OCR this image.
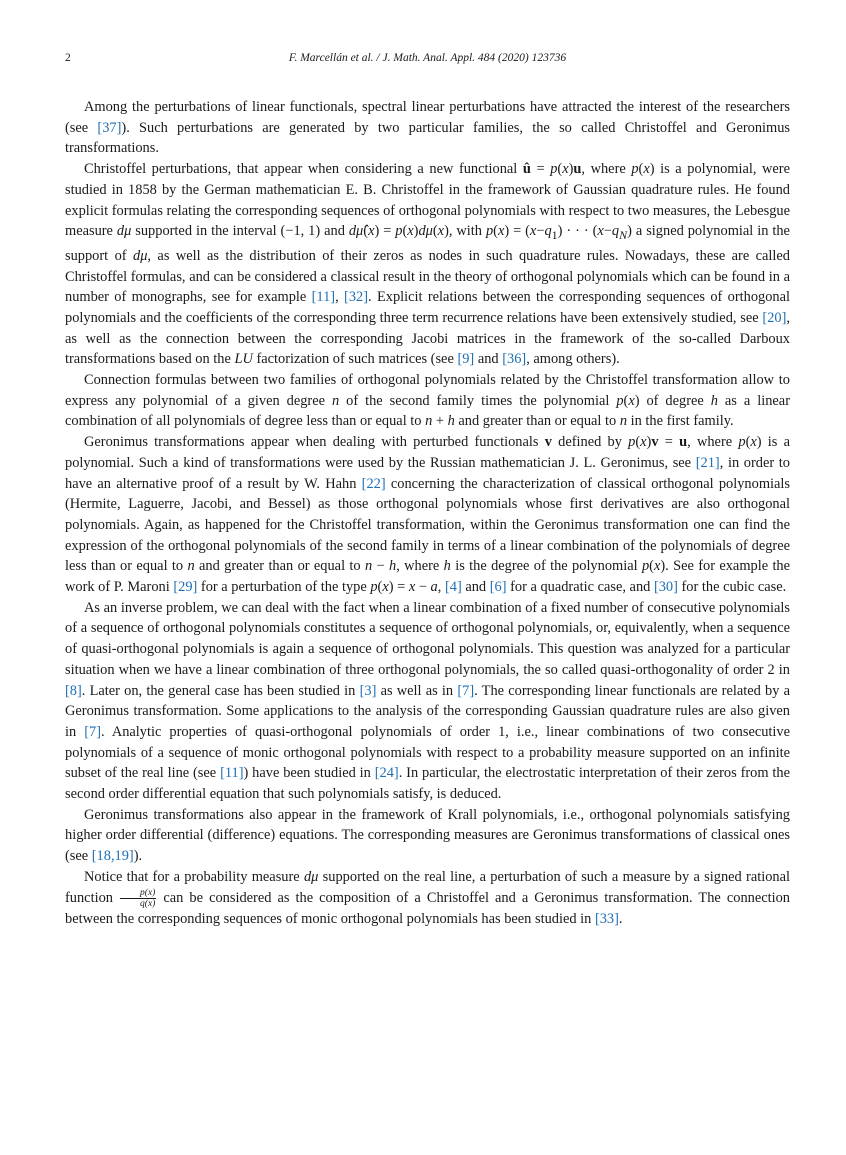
2	F. Marcellán et al. / J. Math. Anal. Appl. 484 (2020) 123736

Among the perturbations of linear functionals, spectral linear perturbations have attracted the interest of the researchers (see [37]). Such perturbations are generated by two particular families, the so called Christoffel and Geronimus transformations.

Christoffel perturbations, that appear when considering a new functional û = p(x)u, where p(x) is a polynomial, were studied in 1858 by the German mathematician E. B. Christoffel in the framework of Gaussian quadrature rules. He found explicit formulas relating the corresponding sequences of orthogonal polynomials with respect to two measures, the Lebesgue measure dμ supported in the interval (−1, 1) and dμ̂(x) = p(x)dμ(x), with $p(x) = (x-q_1)$ · · · $(x-q_N)$ a signed polynomial in the support of dμ, as well as the distribution of their zeros as nodes in such quadrature rules. Nowadays, these are called Christoffel formulas, and can be considered a classical result in the theory of orthogonal polynomials which can be found in a number of monographs, see for example [11], [32]. Explicit relations between the corresponding sequences of orthogonal polynomials and the coefficients of the corresponding three term recurrence relations have been extensively studied, see [20], as well as the connection between the corresponding Jacobi matrices in the framework of the so-called Darboux transformations based on the LU factorization of such matrices (see [9] and [36], among others).

Connection formulas between two families of orthogonal polynomials related by the Christoffel transformation allow to express any polynomial of a given degree n of the second family times the polynomial p(x) of degree h as a linear combination of all polynomials of degree less than or equal to n + h and greater than or equal to n in the first family.

Geronimus transformations appear when dealing with perturbed functionals v defined by p(x)v = u, where p(x) is a polynomial. Such a kind of transformations were used by the Russian mathematician J. L. Geronimus, see [21], in order to have an alternative proof of a result by W. Hahn [22] concerning the characterization of classical orthogonal polynomials (Hermite, Laguerre, Jacobi, and Bessel) as those orthogonal polynomials whose first derivatives are also orthogonal polynomials. Again, as happened for the Christoffel transformation, within the Geronimus transformation one can find the expression of the orthogonal polynomials of the second family in terms of a linear combination of the polynomials of degree less than or equal to n and greater than or equal to n − h, where h is the degree of the polynomial p(x). See for example the work of P. Maroni [29] for a perturbation of the type p(x) = x − a, [4] and [6] for a quadratic case, and [30] for the cubic case.

As an inverse problem, we can deal with the fact when a linear combination of a fixed number of consecutive polynomials of a sequence of orthogonal polynomials constitutes a sequence of orthogonal polynomials, or, equivalently, when a sequence of quasi-orthogonal polynomials is again a sequence of orthogonal polynomials. This question was analyzed for a particular situation when we have a linear combination of three orthogonal polynomials, the so called quasi-orthogonality of order 2 in [8]. Later on, the general case has been studied in [3] as well as in [7]. The corresponding linear functionals are related by a Geronimus transformation. Some applications to the analysis of the corresponding Gaussian quadrature rules are also given in [7]. Analytic properties of quasi-orthogonal polynomials of order 1, i.e., linear combinations of two consecutive polynomials of a sequence of monic orthogonal polynomials with respect to a probability measure supported on an infinite subset of the real line (see [11]) have been studied in [24]. In particular, the electrostatic interpretation of their zeros from the second order differential equation that such polynomials satisfy, is deduced.

Geronimus transformations also appear in the framework of Krall polynomials, i.e., orthogonal polynomials satisfying higher order differential (difference) equations. The corresponding measures are Geronimus transformations of classical ones (see [18,19]).

Notice that for a probability measure dμ supported on the real line, a perturbation of such a measure by a signed rational function $\frac{p(x)}{q(x)}$ can be considered as the composition of a Christoffel and a Geronimus transformation. The connection between the corresponding sequences of monic orthogonal polynomials has been studied in [33].
